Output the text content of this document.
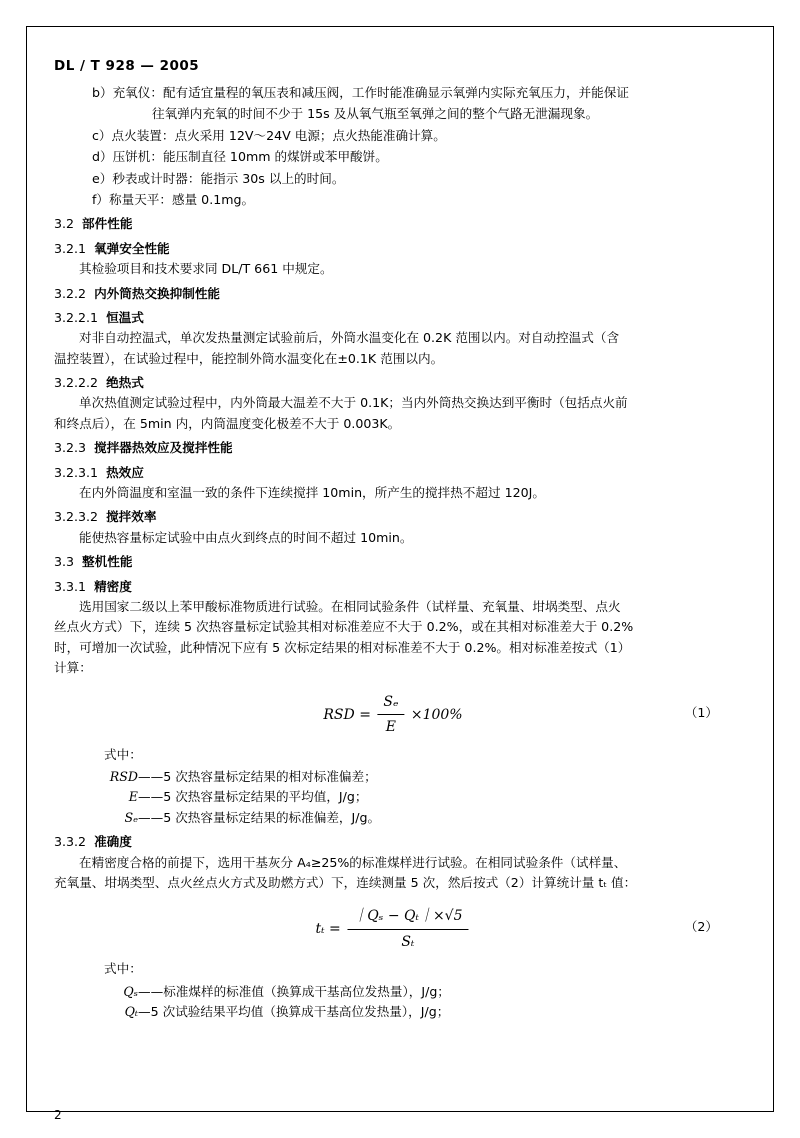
DL / T 928 — 2005

b）充氧仪：配有适宜量程的氧压表和减压阀，工作时能准确显示氧弹内实际充氧压力，并能保证

往氧弹内充氧的时间不少于 15s 及从氧气瓶至氧弹之间的整个气路无泄漏现象。

c）点火装置：点火采用 12V～24V 电源；点火热能准确计算。

d）压饼机：能压制直径 10mm 的煤饼或苯甲酸饼。

e）秒表或计时器：能指示 30s 以上的时间。

f）称量天平：感量 0.1mg。

3.2 部件性能

3.2.1 氧弹安全性能

其检验项目和技术要求同 DL/T 661 中规定。

3.2.2 内外筒热交换抑制性能

3.2.2.1 恒温式

对非自动控温式，单次发热量测定试验前后，外筒水温变化在 0.2K 范围以内。对自动控温式（含

温控装置），在试验过程中，能控制外筒水温变化在±0.1K 范围以内。

3.2.2.2 绝热式

单次热值测定试验过程中，内外筒最大温差不大于 0.1K；当内外筒热交换达到平衡时（包括点火前

和终点后），在 5min 内，内筒温度变化极差不大于 0.003K。

3.2.3 搅拌器热效应及搅拌性能

3.2.3.1 热效应

在内外筒温度和室温一致的条件下连续搅拌 10min，所产生的搅拌热不超过 120J。

3.2.3.2 搅拌效率

能使热容量标定试验中由点火到终点的时间不超过 10min。

3.3 整机性能

3.3.1 精密度

选用国家二级以上苯甲酸标准物质进行试验。在相同试验条件（试样量、充氧量、坩埚类型、点火

丝点火方式）下，连续 5 次热容量标定试验其相对标准差应不大于 0.2%，或在其相对标准差大于 0.2%

时，可增加一次试验，此种情况下应有 5 次标定结果的相对标准差不大于 0.2%。相对标准差按式（1）

计算：

RSD = $\frac{\text{Sₑ}}{E} \times 100\%$	（1）

式中：

RSD——5 次热容量标定结果的相对标准偏差；

E——5 次热容量标定结果的平均值，J/g；

Sₑ——5 次热容量标定结果的标准偏差，J/g。

3.3.2 准确度

在精密度合格的前提下，选用干基灰分 A₄≥25%的标准煤样进行试验。在相同试验条件（试样量、

充氧量、坩埚类型、点火丝点火方式及助燃方式）下，连续测量 5 次，然后按式（2）计算统计量 tₜ 值：

$t_t = \frac{\text{｜Qₛ − Qₜ｜×√5}}{\text{Sₜ}}$	（2）

式中：

Qₛ——标准煤样的标准值（换算成干基高位发热量），J/g；

Qₜ—5 次试验结果平均值（换算成干基高位发热量），J/g；

2
